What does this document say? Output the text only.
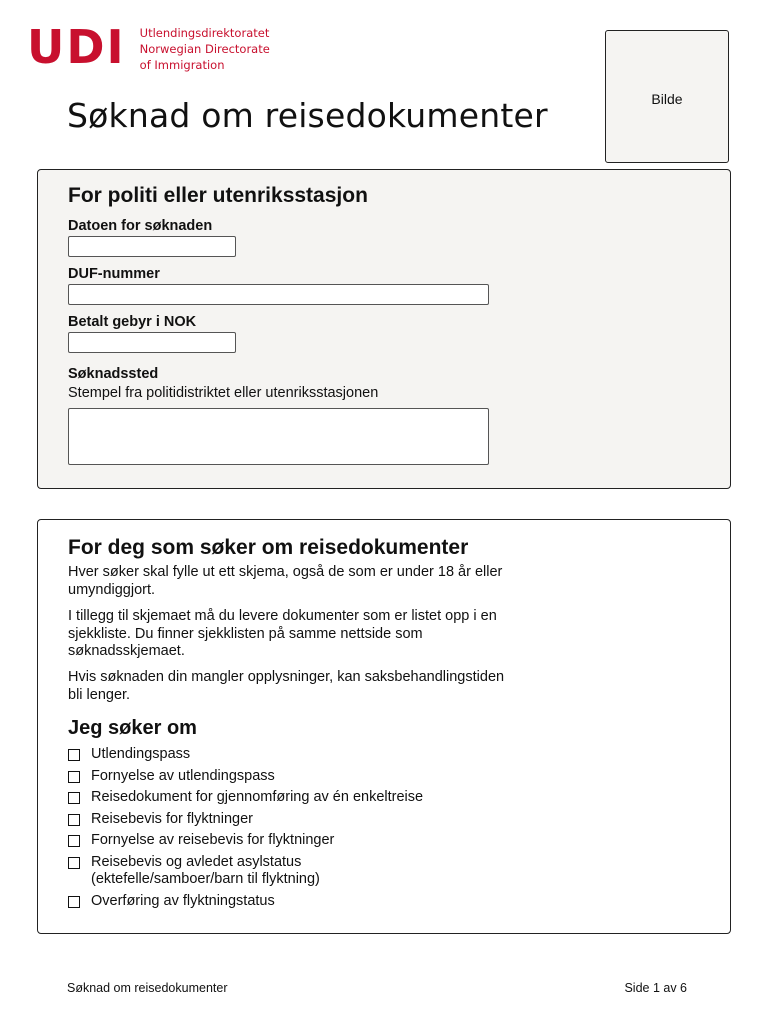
UDI Utlendingsdirektoratet
Norwegian Directorate
of Immigration
Bilde
Søknad om reisedokumenter
For politi eller utenriksstasjon
Datoen for søknaden
DUF-nummer
Betalt gebyr i NOK
Søknadssted
Stempel fra politidistriktet eller utenriksstasjonen
For deg som søker om reisedokumenter

Hver søker skal fylle ut ett skjema, også de som er under 18 år eller umyndiggjort.

I tillegg til skjemaet må du levere dokumenter som er listet opp i en sjekkliste. Du finner sjekklisten på samme nettside som søknadsskjemaet.

Hvis søknaden din mangler opplysninger, kan saksbehandlingstiden bli lenger.

Jeg søker om
Utlendingspass
Fornyelse av utlendingspass
Reisedokument for gjennomføring av én enkeltreise
Reisebevis for flyktninger
Fornyelse av reisebevis for flyktninger
Reisebevis og avledet asylstatus (ektefelle/samboer/barn til flyktning)
Overføring av flyktningstatus
Søknad om reisedokumenter	Side 1 av 6
